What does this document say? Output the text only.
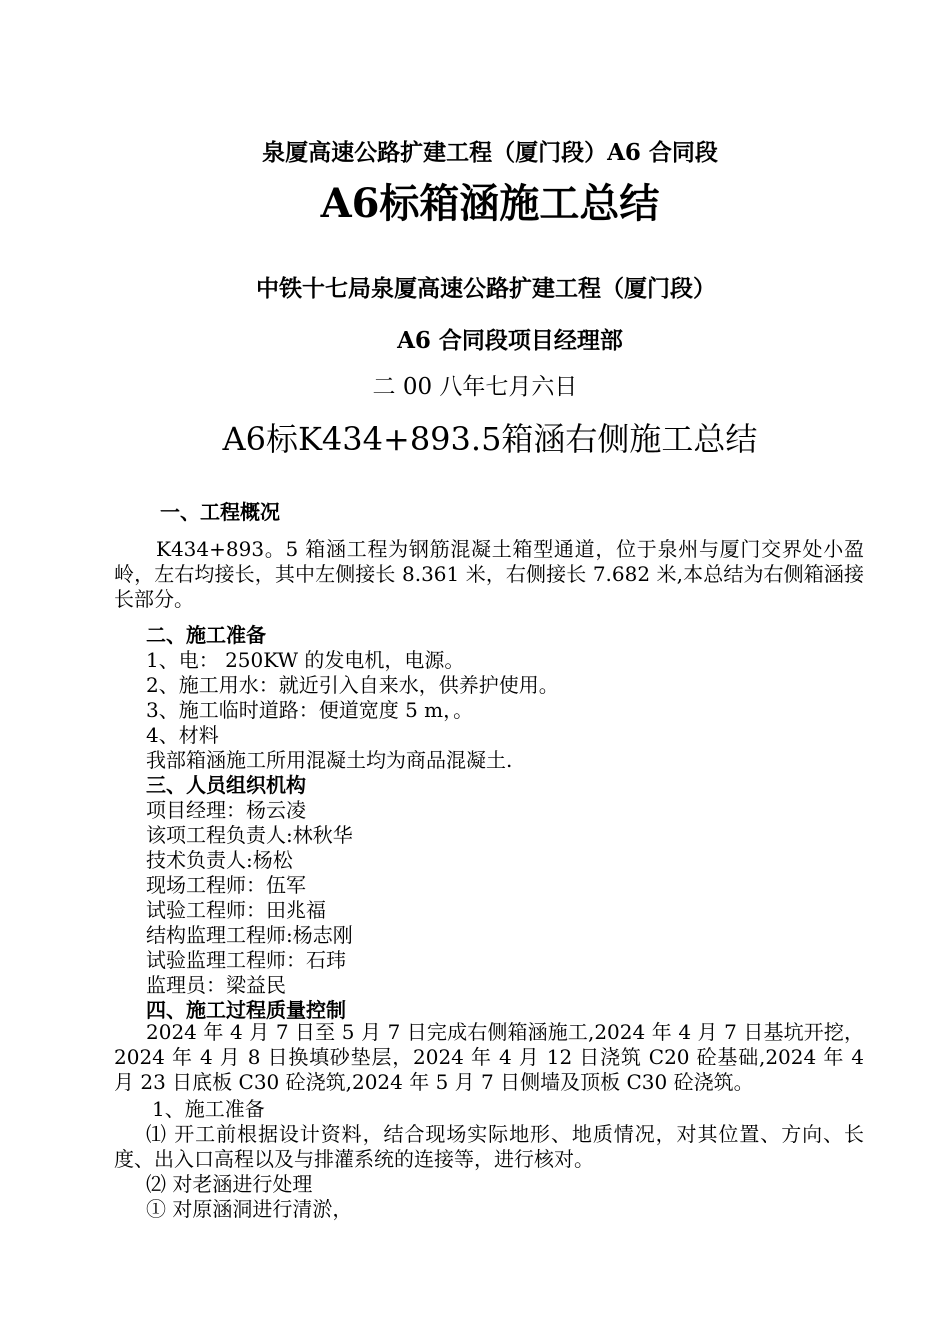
泉厦高速公路扩建工程（厦门段）A6 合同段
A6标箱涵施工总结
中铁十七局泉厦高速公路扩建工程（厦门段）
A6 合同段项目经理部
二 00 八年七月六日
A6标K434+893.5箱涵右侧施工总结
一、工程概况
K434+893。5 箱涵工程为钢筋混凝土箱型通道，位于泉州与厦门交界处小盈岭，左右均接长，其中左侧接长 8.361 米，右侧接长 7.682 米,本总结为右侧箱涵接长部分。
二、施工准备
1、电： 250KW 的发电机，电源。
2、施工用水：就近引入自来水，供养护使用。
3、施工临时道路：便道宽度 5 m，。
4、材料
我部箱涵施工所用混凝土均为商品混凝土.
三、人员组织机构
项目经理：杨云凌
该项工程负责人:林秋华
技术负责人:杨松
现场工程师：伍军
试验工程师：田兆福
结构监理工程师:杨志刚
试验监理工程师：石玮
监理员：梁益民
四、施工过程质量控制
2024 年 4 月 7 日至 5 月 7 日完成右侧箱涵施工,2024 年 4 月 7 日基坑开挖，2024 年 4 月 8 日换填砂垫层，2024 年 4 月 12 日浇筑 C20 砼基础,2024 年 4 月 23 日底板 C30 砼浇筑,2024 年 5 月 7 日侧墙及顶板 C30 砼浇筑。
1、施工准备
⑴ 开工前根据设计资料，结合现场实际地形、地质情况，对其位置、方向、长度、出入口高程以及与排灌系统的连接等，进行核对。
⑵ 对老涵进行处理
① 对原涵洞进行清淤，
